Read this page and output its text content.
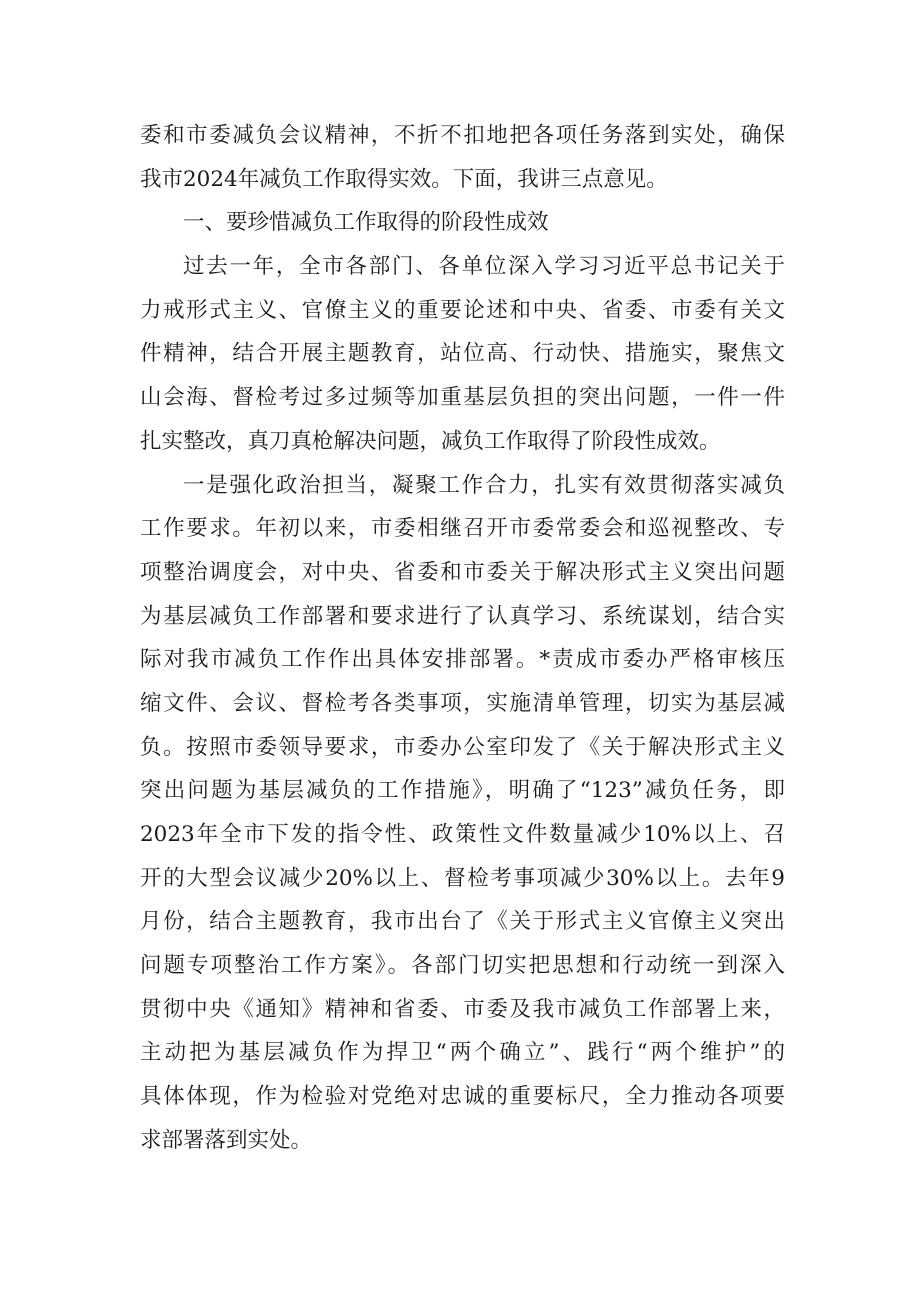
委和市委减负会议精神，不折不扣地把各项任务落到实处，确保
我市2024年减负工作取得实效。下面，我讲三点意见。
一、要珍惜减负工作取得的阶段性成效
过去一年，全市各部门、各单位深入学习习近平总书记关于
力戒形式主义、官僚主义的重要论述和中央、省委、市委有关文
件精神，结合开展主题教育，站位高、行动快、措施实，聚焦文
山会海、督检考过多过频等加重基层负担的突出问题，一件一件
扎实整改，真刀真枪解决问题，减负工作取得了阶段性成效。
一是强化政治担当，凝聚工作合力，扎实有效贯彻落实减负
工作要求。年初以来，市委相继召开市委常委会和巡视整改、专
项整治调度会，对中央、省委和市委关于解决形式主义突出问题
为基层减负工作部署和要求进行了认真学习、系统谋划，结合实
际对我市减负工作作出具体安排部署。*责成市委办严格审核压
缩文件、会议、督检考各类事项，实施清单管理，切实为基层减
负。按照市委领导要求，市委办公室印发了《关于解决形式主义
突出问题为基层减负的工作措施》，明确了“123”减负任务，即
2023年全市下发的指令性、政策性文件数量减少10%以上、召
开的大型会议减少20%以上、督检考事项减少30%以上。去年9
月份，结合主题教育，我市出台了《关于形式主义官僚主义突出
问题专项整治工作方案》。各部门切实把思想和行动统一到深入
贯彻中央《通知》精神和省委、市委及我市减负工作部署上来，
主动把为基层减负作为捍卫“两个确立”、践行“两个维护”的
具体体现，作为检验对党绝对忠诚的重要标尺，全力推动各项要
求部署落到实处。
